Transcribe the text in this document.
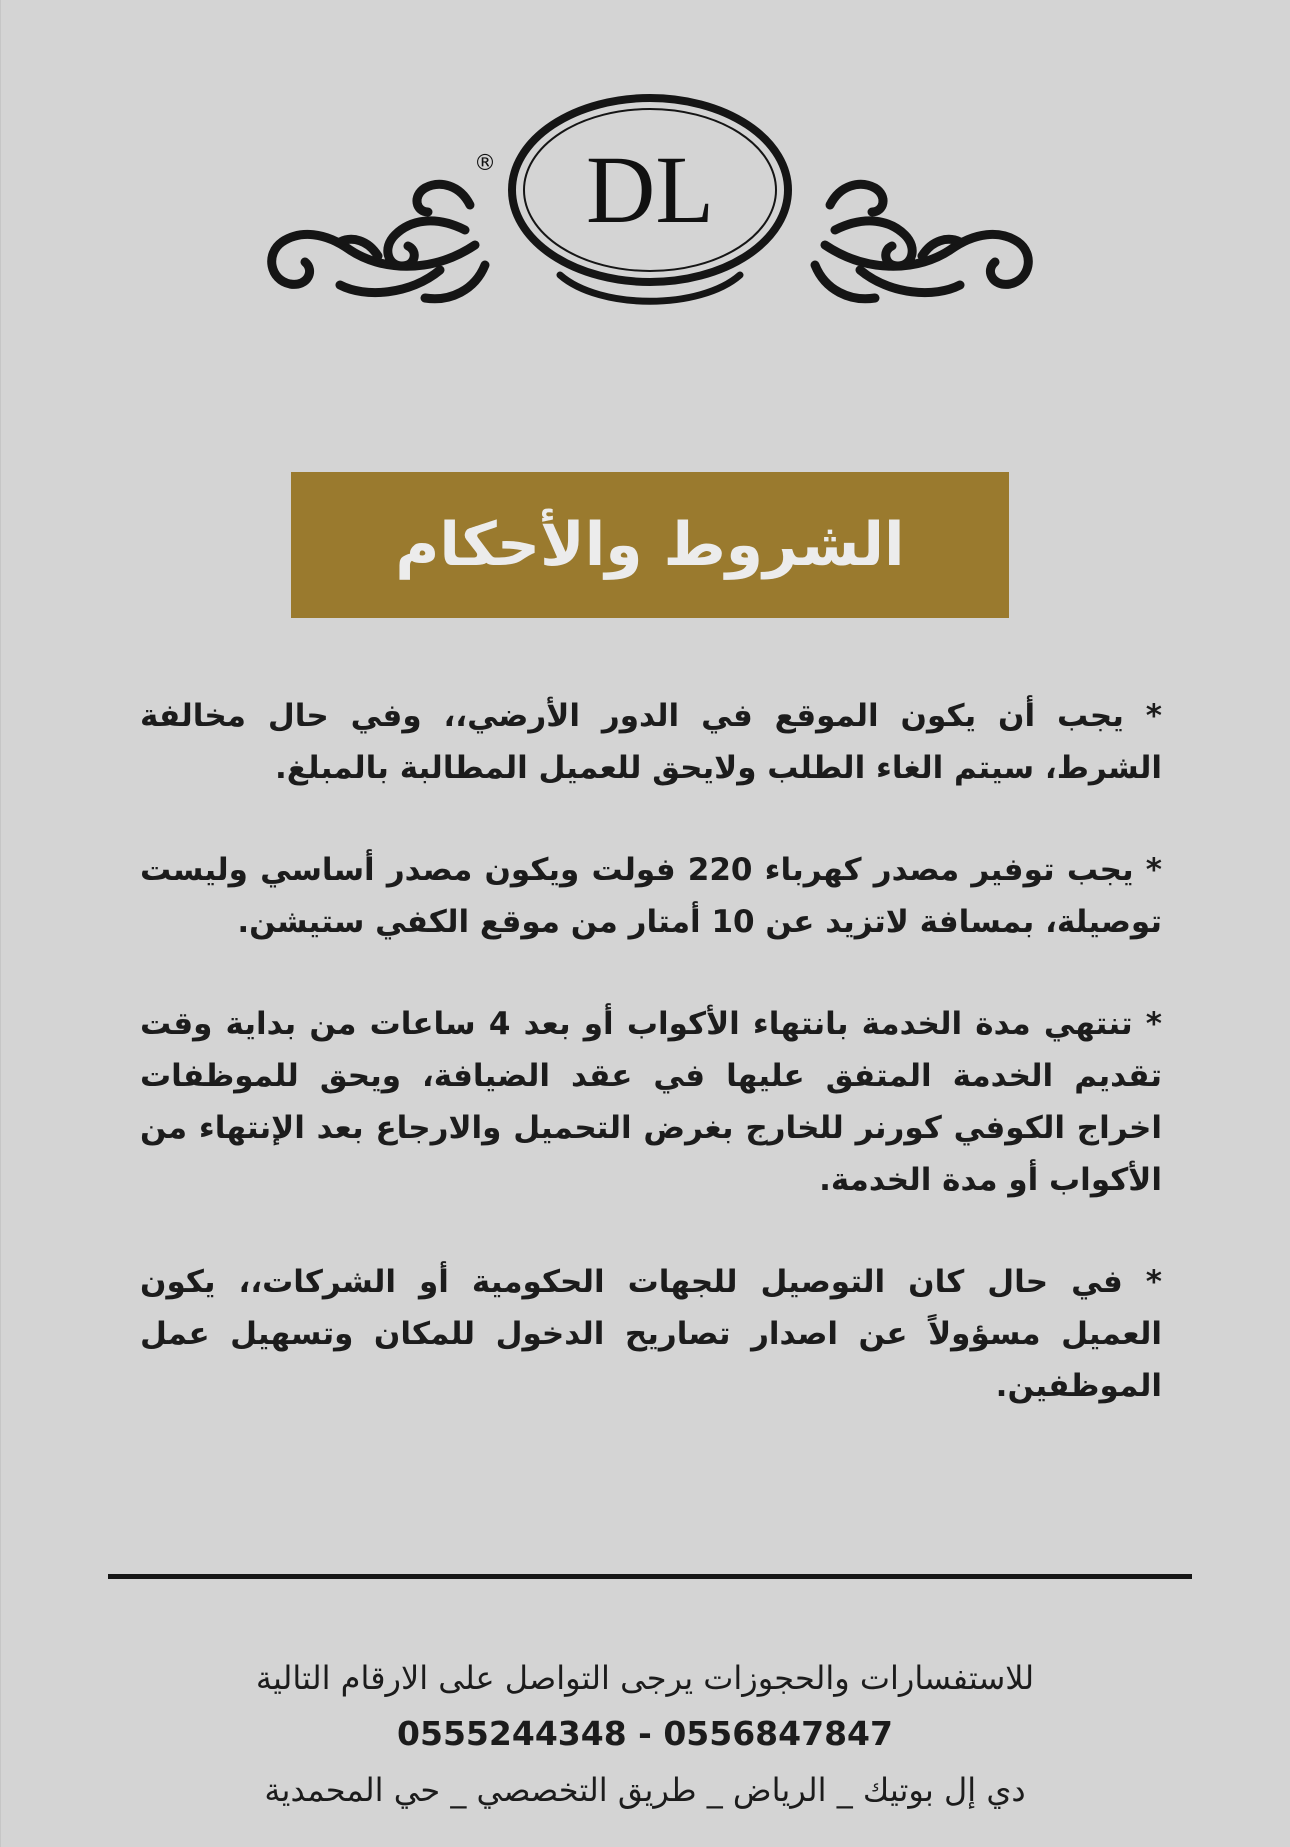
DL
®
الشروط والأحكام

* يجب أن يكون الموقع في الدور الأرضي،، وفي حال مخالفة الشرط، سيتم الغاء الطلب ولايحق للعميل المطالبة بالمبلغ.

* يجب توفير مصدر كهرباء 220 فولت ويكون مصدر أساسي وليست توصيلة، بمسافة لاتزيد عن 10 أمتار من موقع الكفي ستيشن.

* تنتهي مدة الخدمة بانتهاء الأكواب أو بعد 4 ساعات من بداية وقت تقديم الخدمة المتفق عليها في عقد الضيافة، ويحق للموظفات اخراج الكوفي كورنر للخارج بغرض التحميل والارجاع بعد الإنتهاء من الأكواب أو مدة الخدمة.

* في حال كان التوصيل للجهات الحكومية أو الشركات،، يكون العميل مسؤولاً عن اصدار تصاريح الدخول للمكان وتسهيل عمل الموظفين.

للاستفسارات والحجوزات يرجى التواصل على الارقام التالية
0555244348 - 0556847847
دي إل بوتيك _ الرياض _ طريق التخصصي _ حي المحمدية
